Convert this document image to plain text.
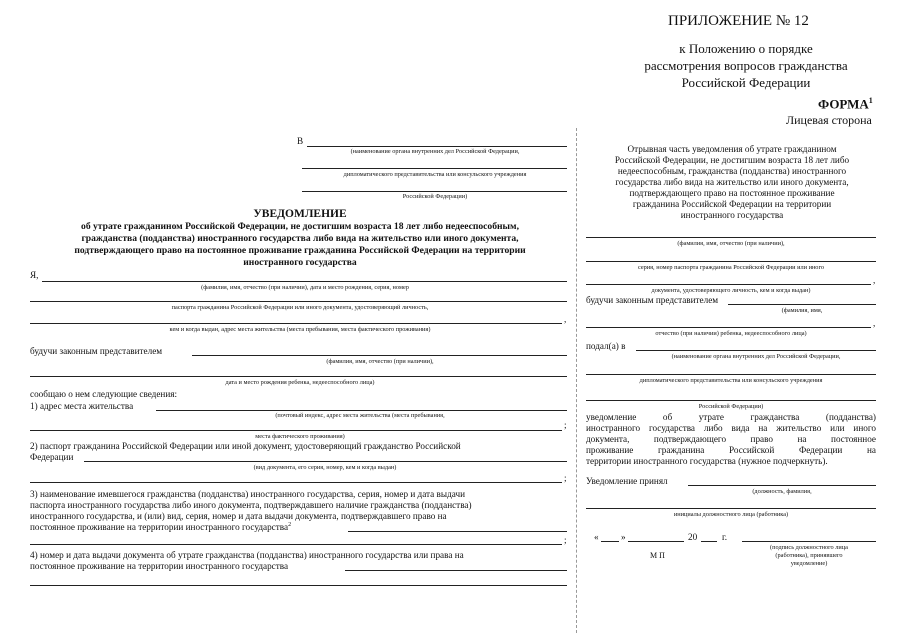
ПРИЛОЖЕНИЕ № 12
к Положению о порядке
рассмотрения вопросов гражданства
Российской Федерации
ФОРМА$^1$
Лицевая сторона
В
(наименование органа внутренних дел Российской Федерации,
дипломатического представительства или консульского учреждения
Российской Федерации)
УВЕДОМЛЕНИЕ
об утрате гражданином Российской Федерации, не достигшим возраста 18 лет либо недееспособным,
гражданства (подданства) иностранного государства либо вида на жительство или иного документа,
подтверждающего право на постоянное проживание гражданина Российской Федерации на территории
иностранного государства
Я,
(фамилия, имя, отчество (при наличии), дата и место рождения, серия, номер
паспорта гражданина Российской Федерации или иного документа, удостоверяющий личность,
,
кем и когда выдан, адрес места жительства (места пребывания, места фактического проживания)
будучи законным представителем
(фамилия, имя, отчество (при наличии),
дата и место рождения ребенка, недееспособного лица)
сообщаю о нем следующие сведения:
1) адрес места жительства
(почтовый индекс, адрес места жительства (места пребывания,
;
места фактического проживания)
2) паспорт гражданина Российской Федерации или иной документ, удостоверяющий гражданство Российской
Федерации
(вид документа, его серия, номер, кем и когда выдан)
;
3) наименование имевшегося гражданства (подданства) иностранного государства, серия, номер и дата выдачи
паспорта иностранного государства либо иного документа, подтверждавшего наличие гражданства (подданства)
иностранного государства, и (или) вид, серия, номер и дата выдачи документа, подтверждавшего право на
постоянное проживание на территории иностранного государства$^2$
;
4) номер и дата выдачи документа об утрате гражданства (подданства) иностранного государства или права на
постоянное проживание на территории иностранного государства
Отрывная часть уведомления об утрате гражданином
Российской Федерации, не достигшим возраста 18 лет либо
недееспособным, гражданства (подданства) иностранного
государства либо вида на жительство или иного документа,
подтверждающего право на постоянное проживание
гражданина Российской Федерации на территории
иностранного государства
(фамилия, имя, отчество (при наличии),
серия, номер паспорта гражданина Российской Федерации или иного
,
документа, удостоверяющего личность, кем и когда выдан)
будучи законным представителем
(фамилия, имя,
,
отчество (при наличии) ребенка, недееспособного лица)
подал(а) в
(наименование органа внутренних дел Российской Федерации,
дипломатического представительства или консульского учреждения
Российской Федерации)
уведомление об утрате гражданства (подданства)
иностранного государства либо вида на жительство или иного
документа, подтверждающего право на постоянное
проживание гражданина Российской Федерации на
территории иностранного государства (нужное подчеркнуть).
Уведомление принял
(должность, фамилия,
инициалы должностного лица (работника)
« »	20	г.
М П
(подпись должностного лица
(работника), принявшего
уведомление)
